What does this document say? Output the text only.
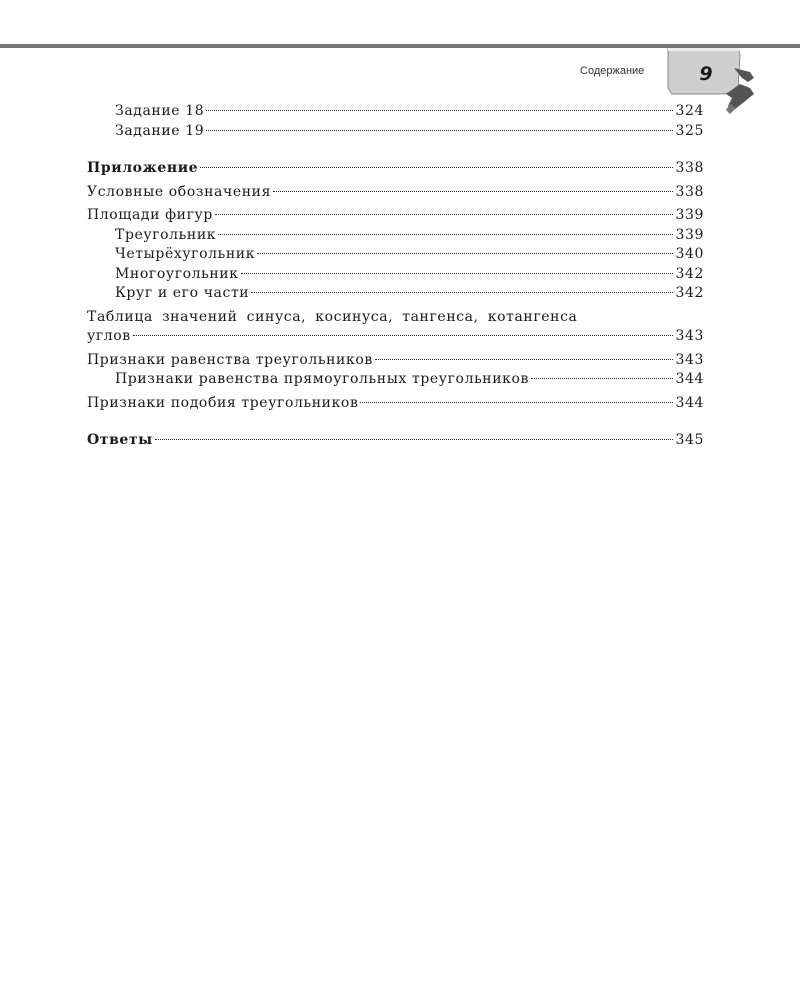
Содержание	9
Задание 18	324
Задание 19	325
Приложение	338
Условные обозначения	338
Площади фигур	339
Треугольник	339
Четырёхугольник	340
Многоугольник	342
Круг и его части	342
Таблица значений синуса, косинуса, тангенса, котангенса
углов	343
Признаки равенства треугольников	343
Признаки равенства прямоугольных треугольников	344
Признаки подобия треугольников	344
Ответы	345
